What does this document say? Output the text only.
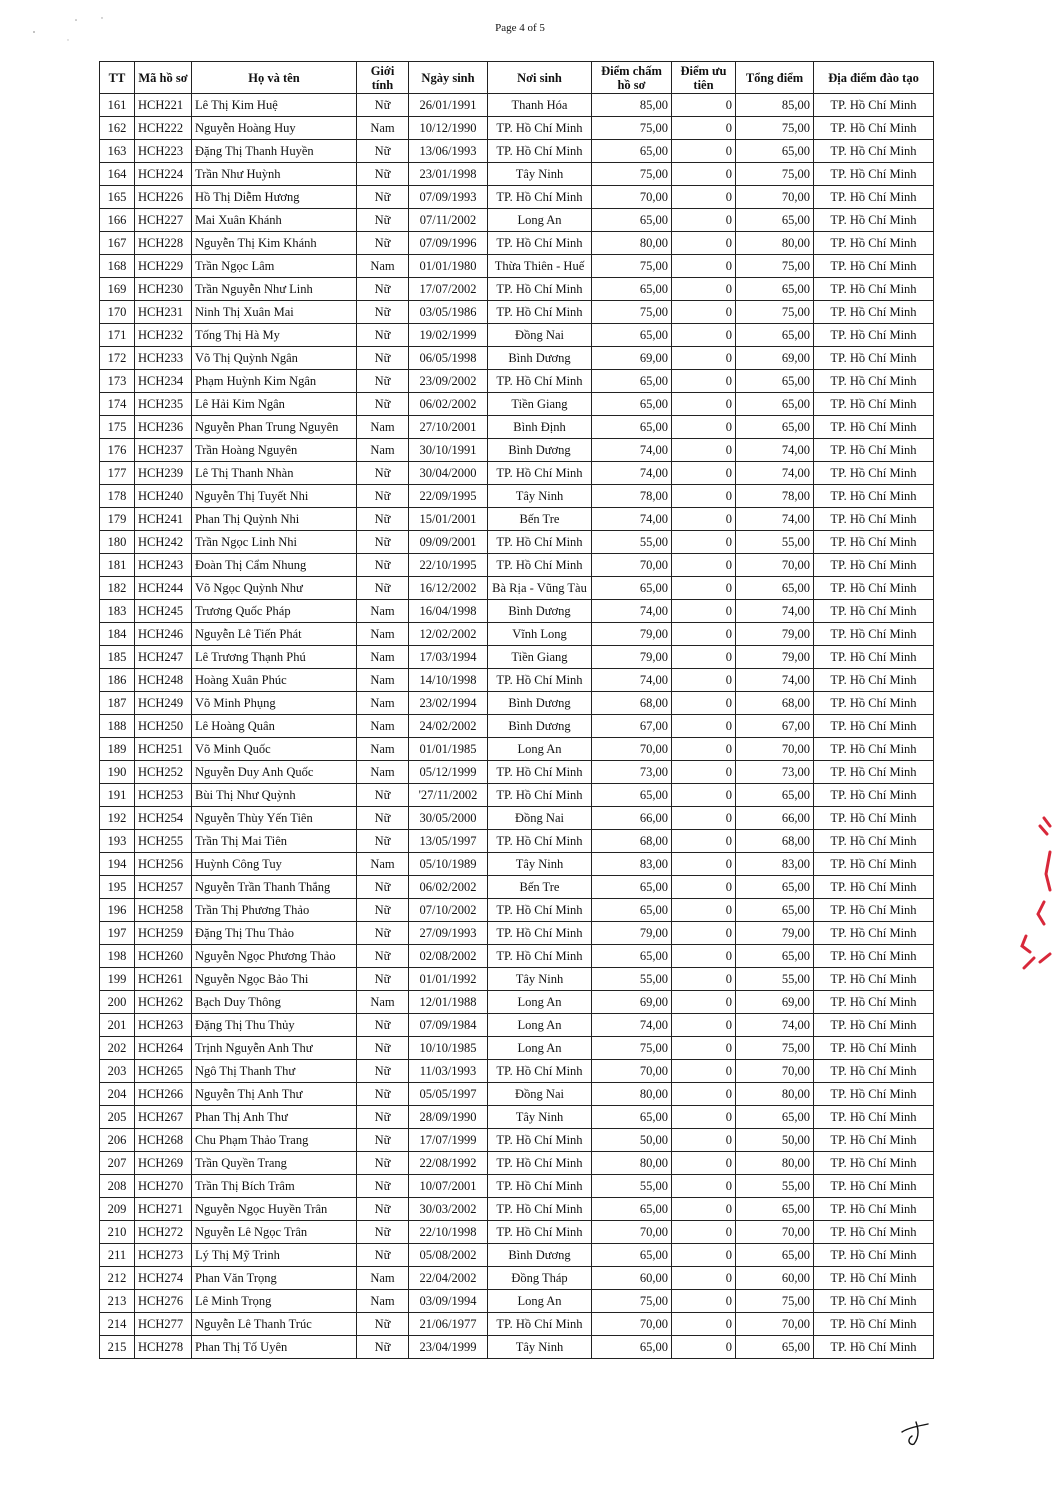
Page 4 of 5
TT	Mã hồ sơ	Họ và tên	Giới tính	Ngày sinh	Nơi sinh	Điểm chấm hồ sơ	Điểm ưu tiên	Tổng điểm	Địa điểm đào tạo
161	HCH221	Lê Thị Kim Huệ	Nữ	26/01/1991	Thanh Hóa	85,00	0	85,00	TP. Hồ Chí Minh
162	HCH222	Nguyễn Hoàng Huy	Nam	10/12/1990	TP. Hồ Chí Minh	75,00	0	75,00	TP. Hồ Chí Minh
163	HCH223	Đặng Thị Thanh Huyền	Nữ	13/06/1993	TP. Hồ Chí Minh	65,00	0	65,00	TP. Hồ Chí Minh
164	HCH224	Trần Như Huỳnh	Nữ	23/01/1998	Tây Ninh	75,00	0	75,00	TP. Hồ Chí Minh
165	HCH226	Hồ Thị Diễm Hương	Nữ	07/09/1993	TP. Hồ Chí Minh	70,00	0	70,00	TP. Hồ Chí Minh
166	HCH227	Mai Xuân Khánh	Nữ	07/11/2002	Long An	65,00	0	65,00	TP. Hồ Chí Minh
167	HCH228	Nguyễn Thị Kim Khánh	Nữ	07/09/1996	TP. Hồ Chí Minh	80,00	0	80,00	TP. Hồ Chí Minh
168	HCH229	Trần Ngọc Lâm	Nam	01/01/1980	Thừa Thiên - Huế	75,00	0	75,00	TP. Hồ Chí Minh
169	HCH230	Trần Nguyễn Như Linh	Nữ	17/07/2002	TP. Hồ Chí Minh	65,00	0	65,00	TP. Hồ Chí Minh
170	HCH231	Ninh Thị Xuân Mai	Nữ	03/05/1986	TP. Hồ Chí Minh	75,00	0	75,00	TP. Hồ Chí Minh
171	HCH232	Tống Thị Hà My	Nữ	19/02/1999	Đồng Nai	65,00	0	65,00	TP. Hồ Chí Minh
172	HCH233	Võ Thị Quỳnh Ngân	Nữ	06/05/1998	Bình Dương	69,00	0	69,00	TP. Hồ Chí Minh
173	HCH234	Phạm Huỳnh Kim Ngân	Nữ	23/09/2002	TP. Hồ Chí Minh	65,00	0	65,00	TP. Hồ Chí Minh
174	HCH235	Lê Hải Kim Ngân	Nữ	06/02/2002	Tiền Giang	65,00	0	65,00	TP. Hồ Chí Minh
175	HCH236	Nguyễn Phan Trung Nguyên	Nam	27/10/2001	Bình Định	65,00	0	65,00	TP. Hồ Chí Minh
176	HCH237	Trần Hoàng Nguyên	Nam	30/10/1991	Bình Dương	74,00	0	74,00	TP. Hồ Chí Minh
177	HCH239	Lê Thị Thanh Nhàn	Nữ	30/04/2000	TP. Hồ Chí Minh	74,00	0	74,00	TP. Hồ Chí Minh
178	HCH240	Nguyễn Thị Tuyết Nhi	Nữ	22/09/1995	Tây Ninh	78,00	0	78,00	TP. Hồ Chí Minh
179	HCH241	Phan Thị Quỳnh Nhi	Nữ	15/01/2001	Bến Tre	74,00	0	74,00	TP. Hồ Chí Minh
180	HCH242	Trần Ngọc Linh Nhi	Nữ	09/09/2001	TP. Hồ Chí Minh	55,00	0	55,00	TP. Hồ Chí Minh
181	HCH243	Đoàn Thị Cẩm Nhung	Nữ	22/10/1995	TP. Hồ Chí Minh	70,00	0	70,00	TP. Hồ Chí Minh
182	HCH244	Võ Ngọc Quỳnh Như	Nữ	16/12/2002	Bà Rịa - Vũng Tàu	65,00	0	65,00	TP. Hồ Chí Minh
183	HCH245	Trương Quốc Pháp	Nam	16/04/1998	Bình Dương	74,00	0	74,00	TP. Hồ Chí Minh
184	HCH246	Nguyễn Lê Tiến Phát	Nam	12/02/2002	Vĩnh Long	79,00	0	79,00	TP. Hồ Chí Minh
185	HCH247	Lê Trương Thạnh Phú	Nam	17/03/1994	Tiền Giang	79,00	0	79,00	TP. Hồ Chí Minh
186	HCH248	Hoàng Xuân Phúc	Nam	14/10/1998	TP. Hồ Chí Minh	74,00	0	74,00	TP. Hồ Chí Minh
187	HCH249	Võ Minh Phụng	Nam	23/02/1994	Bình Dương	68,00	0	68,00	TP. Hồ Chí Minh
188	HCH250	Lê Hoàng Quân	Nam	24/02/2002	Bình Dương	67,00	0	67,00	TP. Hồ Chí Minh
189	HCH251	Võ Minh Quốc	Nam	01/01/1985	Long An	70,00	0	70,00	TP. Hồ Chí Minh
190	HCH252	Nguyễn Duy Anh Quốc	Nam	05/12/1999	TP. Hồ Chí Minh	73,00	0	73,00	TP. Hồ Chí Minh
191	HCH253	Bùi Thị Như Quỳnh	Nữ	'27/11/2002	TP. Hồ Chí Minh	65,00	0	65,00	TP. Hồ Chí Minh
192	HCH254	Nguyễn Thùy Yến Tiên	Nữ	30/05/2000	Đồng Nai	66,00	0	66,00	TP. Hồ Chí Minh
193	HCH255	Trần Thị Mai Tiên	Nữ	13/05/1997	TP. Hồ Chí Minh	68,00	0	68,00	TP. Hồ Chí Minh
194	HCH256	Huỳnh Công Tuy	Nam	05/10/1989	Tây Ninh	83,00	0	83,00	TP. Hồ Chí Minh
195	HCH257	Nguyễn Trần Thanh Thắng	Nữ	06/02/2002	Bến Tre	65,00	0	65,00	TP. Hồ Chí Minh
196	HCH258	Trần Thị Phương Thảo	Nữ	07/10/2002	TP. Hồ Chí Minh	65,00	0	65,00	TP. Hồ Chí Minh
197	HCH259	Đặng Thị Thu Thảo	Nữ	27/09/1993	TP. Hồ Chí Minh	79,00	0	79,00	TP. Hồ Chí Minh
198	HCH260	Nguyễn Ngọc Phương Thảo	Nữ	02/08/2002	TP. Hồ Chí Minh	65,00	0	65,00	TP. Hồ Chí Minh
199	HCH261	Nguyễn Ngọc Bảo Thi	Nữ	01/01/1992	Tây Ninh	55,00	0	55,00	TP. Hồ Chí Minh
200	HCH262	Bạch Duy Thông	Nam	12/01/1988	Long An	69,00	0	69,00	TP. Hồ Chí Minh
201	HCH263	Đặng Thị Thu Thủy	Nữ	07/09/1984	Long An	74,00	0	74,00	TP. Hồ Chí Minh
202	HCH264	Trịnh Nguyễn Anh Thư	Nữ	10/10/1985	Long An	75,00	0	75,00	TP. Hồ Chí Minh
203	HCH265	Ngô Thị Thanh Thư	Nữ	11/03/1993	TP. Hồ Chí Minh	70,00	0	70,00	TP. Hồ Chí Minh
204	HCH266	Nguyễn Thị Anh Thư	Nữ	05/05/1997	Đồng Nai	80,00	0	80,00	TP. Hồ Chí Minh
205	HCH267	Phan Thị Anh Thư	Nữ	28/09/1990	Tây Ninh	65,00	0	65,00	TP. Hồ Chí Minh
206	HCH268	Chu Phạm Thảo Trang	Nữ	17/07/1999	TP. Hồ Chí Minh	50,00	0	50,00	TP. Hồ Chí Minh
207	HCH269	Trần Quyền Trang	Nữ	22/08/1992	TP. Hồ Chí Minh	80,00	0	80,00	TP. Hồ Chí Minh
208	HCH270	Trần Thị Bích Trâm	Nữ	10/07/2001	TP. Hồ Chí Minh	55,00	0	55,00	TP. Hồ Chí Minh
209	HCH271	Nguyễn Ngọc Huyền Trân	Nữ	30/03/2002	TP. Hồ Chí Minh	65,00	0	65,00	TP. Hồ Chí Minh
210	HCH272	Nguyễn Lê Ngọc Trân	Nữ	22/10/1998	TP. Hồ Chí Minh	70,00	0	70,00	TP. Hồ Chí Minh
211	HCH273	Lý Thị Mỹ Trinh	Nữ	05/08/2002	Bình Dương	65,00	0	65,00	TP. Hồ Chí Minh
212	HCH274	Phan Văn Trọng	Nam	22/04/2002	Đồng Tháp	60,00	0	60,00	TP. Hồ Chí Minh
213	HCH276	Lê Minh Trọng	Nam	03/09/1994	Long An	75,00	0	75,00	TP. Hồ Chí Minh
214	HCH277	Nguyễn Lê Thanh Trúc	Nữ	21/06/1977	TP. Hồ Chí Minh	70,00	0	70,00	TP. Hồ Chí Minh
215	HCH278	Phan Thị Tố Uyên	Nữ	23/04/1999	Tây Ninh	65,00	0	65,00	TP. Hồ Chí Minh
